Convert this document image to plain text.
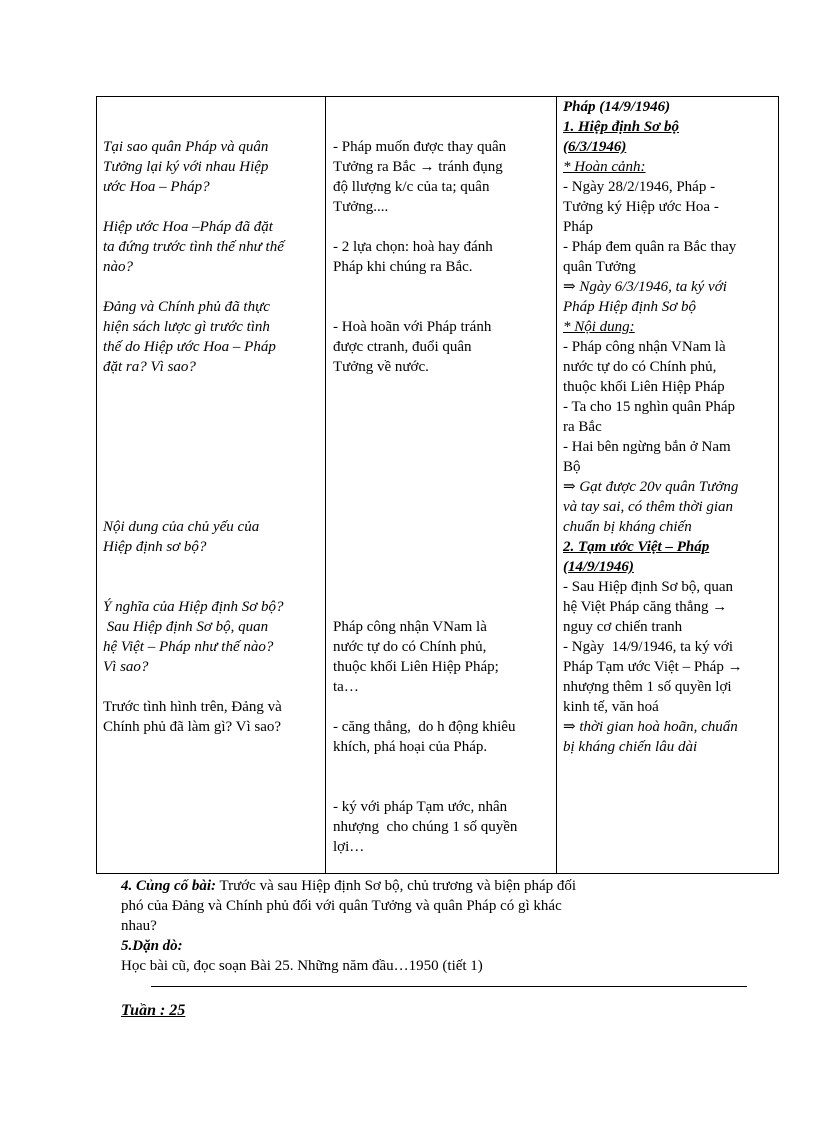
Tại sao quân Pháp và quân
Tưởng lại ký với nhau Hiệp
ước Hoa – Pháp?
Hiệp ước Hoa –Pháp đã đặt
ta đứng trước tình thế như thế
nào?
Đảng và Chính phủ đã thực
hiện sách lược gì trước tình
thế do Hiệp ước Hoa – Pháp
đặt ra? Vì sao?
Nội dung của chủ yếu của
Hiệp định sơ bộ?
Ý nghĩa của Hiệp định Sơ bộ?
Sau Hiệp định Sơ bộ, quan
hệ Việt – Pháp như thế nào?
Vì sao?
Trước tình hình trên, Đảng và
Chính phủ đã làm gì? Vì sao?
- Pháp muốn được thay quân
Tưởng ra Bắc → tránh đụng
độ llượng k/c của ta; quân
Tưởng....
- 2 lựa chọn: hoà hay đánh
Pháp khi chúng ra Bắc.
- Hoà hoãn với Pháp tránh
được ctranh, đuổi quân
Tưởng về nước.
Pháp công nhận VNam là
nước tự do có Chính phủ,
thuộc khối Liên Hiệp Pháp;
ta…
- căng thẳng,  do h động khiêu
khích, phá hoại của Pháp.
- ký với pháp Tạm ước, nhân
nhượng  cho chúng 1 số quyền
lợi…
Pháp (14/9/1946)
1. Hiệp định Sơ bộ
(6/3/1946)
* Hoàn cảnh:
- Ngày 28/2/1946, Pháp -
Tưởng ký Hiệp ước Hoa -
Pháp
- Pháp đem quân ra Bắc thay
quân Tưởng
⇒ Ngày 6/3/1946, ta ký với
Pháp Hiệp định Sơ bộ
* Nội dung:
- Pháp công nhận VNam là
nước tự do có Chính phủ,
thuộc khối Liên Hiệp Pháp
- Ta cho 15 nghìn quân Pháp
ra Bắc
- Hai bên ngừng bắn ở Nam
Bộ
⇒ Gạt được 20v quân Tưởng
và tay sai, có thêm thời gian
chuẩn bị kháng chiến
2. Tạm ước Việt – Pháp
(14/9/1946)
- Sau Hiệp định Sơ bộ, quan
hệ Việt Pháp căng thẳng →
nguy cơ chiến tranh
- Ngày  14/9/1946, ta ký với
Pháp Tạm ước Việt – Pháp →
nhượng thêm 1 số quyền lợi
kinh tế, văn hoá
⇒ thời gian hoà hoãn, chuẩn
bị kháng chiến lâu dài
4. Củng cố bài: Trước và sau Hiệp định Sơ bộ, chủ trương và biện pháp đối
phó của Đảng và Chính phủ đối với quân Tưởng và quân Pháp có gì khác
nhau?
5.Dặn dò:
Học bài cũ, đọc soạn Bài 25. Những năm đầu…1950 (tiết 1)
Tuần : 25
